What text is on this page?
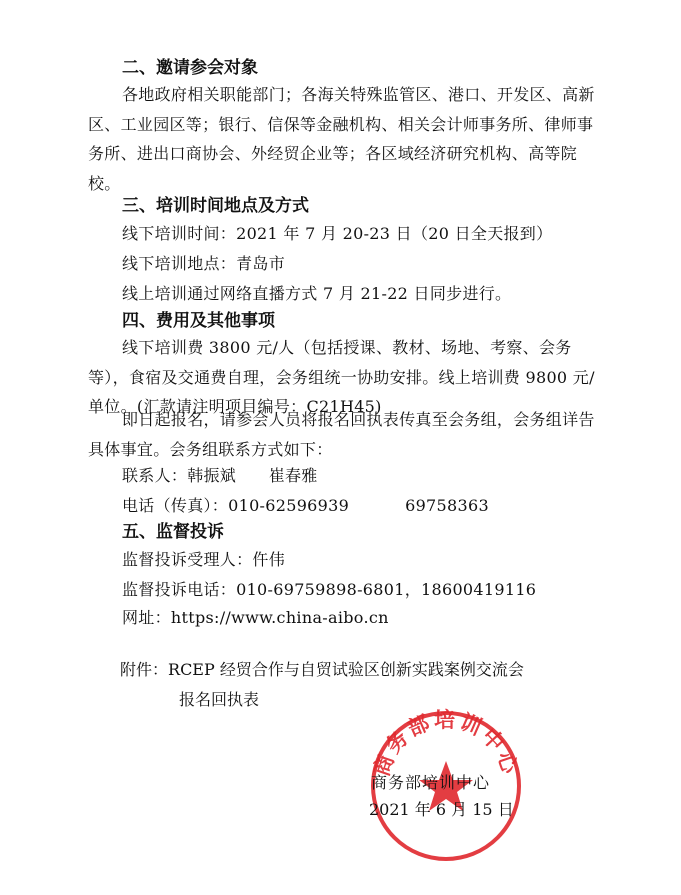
二、邀请参会对象

各地政府相关职能部门；各海关特殊监管区、港口、开发区、高新区、工业园区等；银行、信保等金融机构、相关会计师事务所、律师事务所、进出口商协会、外经贸企业等；各区域经济研究机构、高等院校。

三、培训时间地点及方式
线下培训时间：2021 年 7 月 20-23 日（20 日全天报到）
线下培训地点：青岛市
线上培训通过网络直播方式 7 月 21-22 日同步进行。
四、费用及其他事项

线下培训费 3800 元/人（包括授课、教材、场地、考察、会务等），食宿及交通费自理，会务组统一协助安排。线上培训费 9800 元/单位。(汇款请注明项目编号：C21H45)

即日起报名，请参会人员将报名回执表传真至会务组，会务组详告具体事宜。会务组联系方式如下：

联系人：韩振斌　　崔春雅
电话（传真）：010-62596939	69758363
五、监督投诉
监督投诉受理人：仵伟
监督投诉电话：010-69759898-6801，18600419116
网址：https://www.china-aibo.cn
附件：RCEP 经贸合作与自贸试验区创新实践案例交流会
报名回执表
商务部培训中心
商务部培训中心
2021 年 6 月 15 日
